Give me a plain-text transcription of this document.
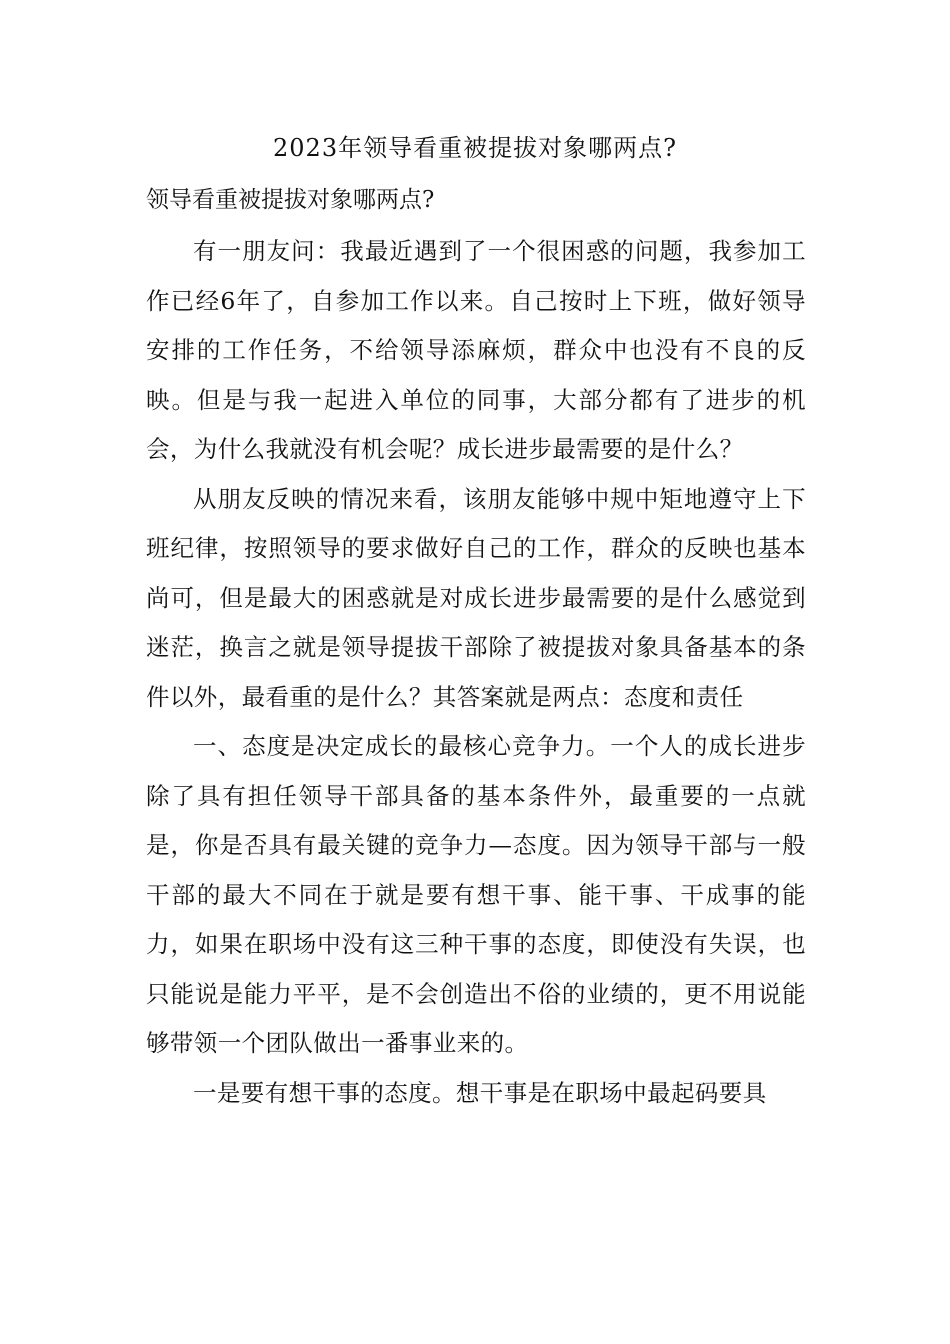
2023年领导看重被提拔对象哪两点?

领导看重被提拔对象哪两点?

有一朋友问：我最近遇到了一个很困惑的问题，我参加工作已经6年了，自参加工作以来。自己按时上下班，做好领导安排的工作任务，不给领导添麻烦，群众中也没有不良的反映。但是与我一起进入单位的同事，大部分都有了进步的机会，为什么我就没有机会呢？成长进步最需要的是什么？

从朋友反映的情况来看，该朋友能够中规中矩地遵守上下班纪律，按照领导的要求做好自己的工作，群众的反映也基本尚可，但是最大的困惑就是对成长进步最需要的是什么感觉到迷茫，换言之就是领导提拔干部除了被提拔对象具备基本的条件以外，最看重的是什么？其答案就是两点：态度和责任

一、态度是决定成长的最核心竞争力。一个人的成长进步除了具有担任领导干部具备的基本条件外，最重要的一点就是，你是否具有最关键的竞争力—态度。因为领导干部与一般干部的最大不同在于就是要有想干事、能干事、干成事的能力，如果在职场中没有这三种干事的态度，即使没有失误，也只能说是能力平平，是不会创造出不俗的业绩的，更不用说能够带领一个团队做出一番事业来的。

一是要有想干事的态度。想干事是在职场中最起码要具
